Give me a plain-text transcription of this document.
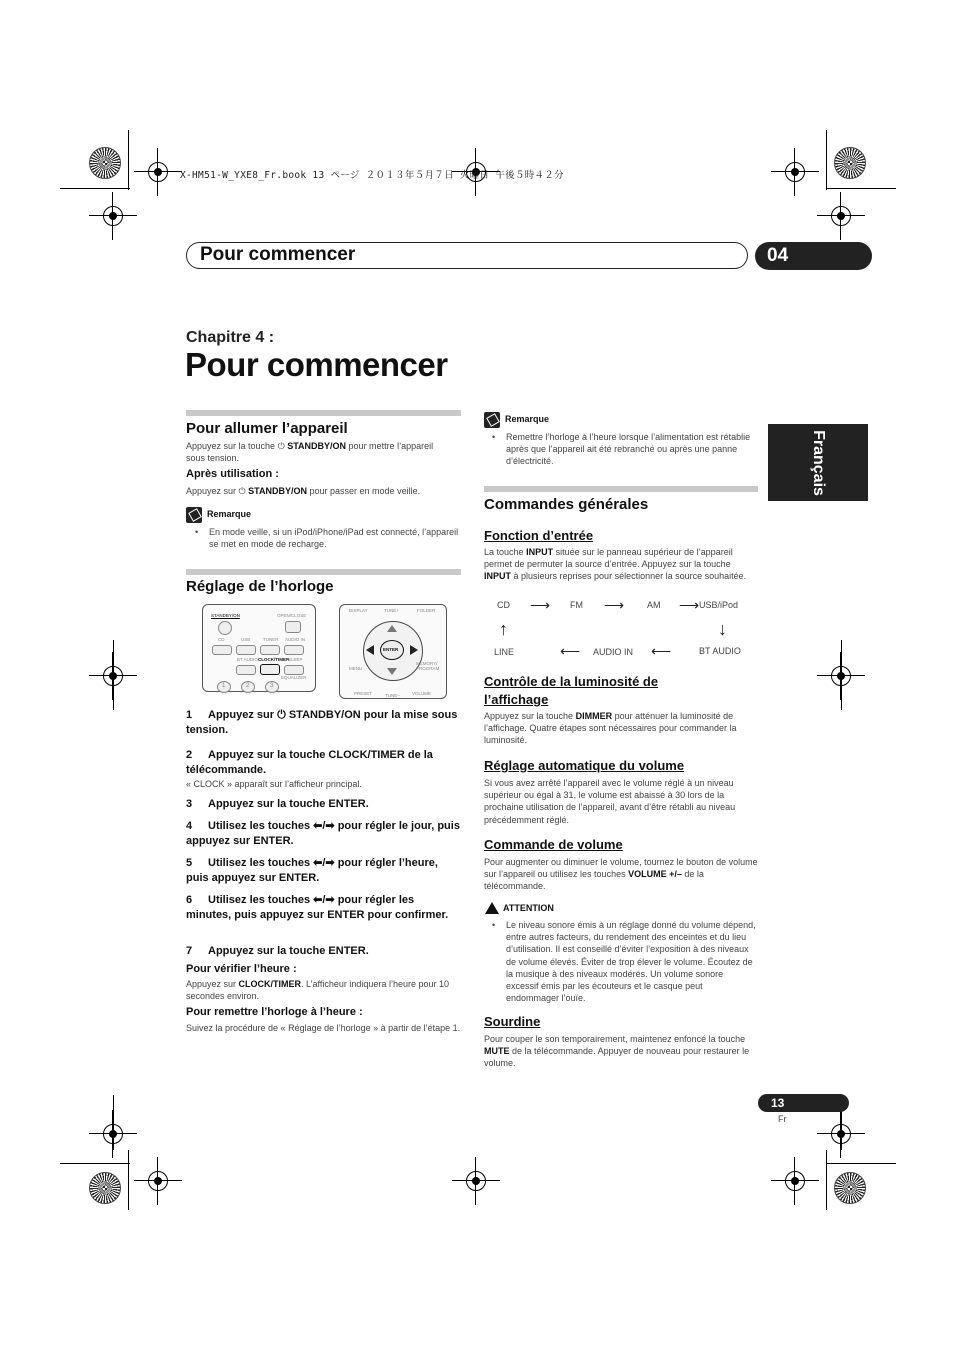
X-HM51-W_YXE8_Fr.book 13 ページ ２０１３年５月７日 火曜日 午後５時４２分
Pour commencer	04
Français
Chapitre 4 :
Pour commencer
Pour allumer l’appareil
Appuyez sur la touche ⏻ STANDBY/ON pour mettre l’appareil sous tension.
Après utilisation :
Appuyez sur ⏻ STANDBY/ON pour passer en mode veille.
Remarque
• En mode veille, si un iPod/iPhone/iPad est connecté, l’appareil se met en mode de recharge.
Réglage de l’horloge
STANDBY/ON	OPEN/CLOSE
CD	USB	TUNER AUDIO IN
BT AUDIO CLOCK/TIMER
SLEEP
EQUALIZER
1	2	3
DISPLAY	TUNE+	FOLDER
ENTER
MENU
MEMORY/ PROGRAM
PRESET	TUNE–	VOLUME
1 Appuyez sur ⏻ STANDBY/ON pour la mise sous tension.
2 Appuyez sur la touche CLOCK/TIMER de la télécommande.
« CLOCK » apparaît sur l’afficheur principal.
3 Appuyez sur la touche ENTER.
4 Utilisez les touches ⬅/➡ pour régler le jour, puis appuyez sur ENTER.
5 Utilisez les touches ⬅/➡ pour régler l’heure, puis appuyez sur ENTER.
6 Utilisez les touches ⬅/➡ pour régler les minutes, puis appuyez sur ENTER pour confirmer.
7 Appuyez sur la touche ENTER.
Pour vérifier l’heure :
Appuyez sur CLOCK/TIMER. L’afficheur indiquera l’heure pour 10 secondes environ.
Pour remettre l’horloge à l’heure :
Suivez la procédure de « Réglage de l’horloge » à partir de l’étape 1.
Remarque
• Remettre l’horloge à l’heure lorsque l’alimentation est rétablie après que l’appareil ait été rebranché ou après une panne d’électricité.
Commandes générales
Fonction d’entrée
La touche INPUT située sur le panneau supérieur de l’appareil permet de permuter la source d’entrée. Appuyez sur la touche INPUT à plusieurs reprises pour sélectionner la source souhaitée.
CD ⟶ FM ⟶	AM ⟶ USB/iPod
↑	↓
LINE	⟵ AUDIO IN ⟵	BT AUDIO
Contrôle de la luminosité de
l’affichage
Appuyez sur la touche DIMMER pour atténuer la luminosité de l’affichage. Quatre étapes sont nécessaires pour commander la luminosité.
Réglage automatique du volume
Si vous avez arrêté l’appareil avec le volume réglé à un niveau supérieur ou égal à 31, le volume est abaissé à 30 lors de la prochaine utilisation de l’appareil, avant d’être rétabli au niveau précédemment réglé.
Commande de volume
Pour augmenter ou diminuer le volume, tournez le bouton de volume sur l’appareil ou utilisez les touches VOLUME +/– de la télécommande.
ATTENTION
• Le niveau sonore émis à un réglage donné du volume dépend, entre autres facteurs, du rendement des enceintes et du lieu d’utilisation. Il est conseillé d’éviter l’exposition à des niveaux de volume élevés. Éviter de trop élever le volume. Écoutez de la musique à des niveaux modérés. Un volume sonore excessif émis par les écouteurs et le casque peut endommager l’ouïe.
Sourdine
Pour couper le son temporairement, maintenez enfoncé la touche MUTE de la télécommande. Appuyer de nouveau pour restaurer le volume.
13
Fr
